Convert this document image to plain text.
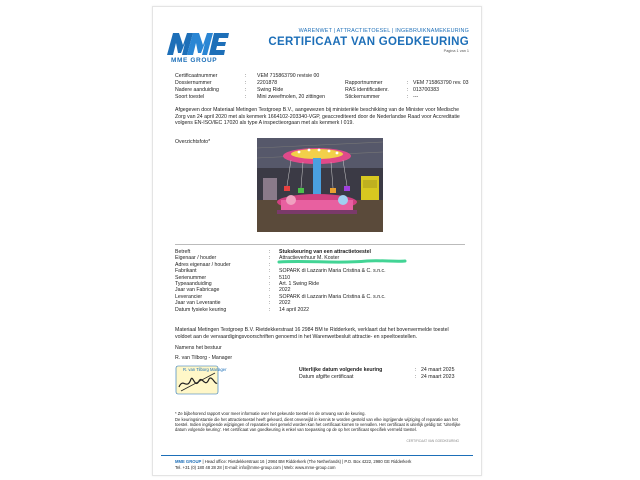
MME GROUP
WARENWET | ATTRACTIETOESEL | INGEBRUIKNAMEKEURING
CERTIFICAAT VAN GOEDKEURING
Pagina 1 van 1
Certificaatnummer	: VEM 715863790 revisie 00
Dossiernummer	: 2201878	Rapportnummer	: VEM 715863790 rev. 03
Nadere aanduiding	: Swing Ride	RAS identificatienr.	: 013700383
Soort toestel	: Mini zweefmolen, 20 zittingen	Stickernummer	: ---
Afgegeven door Materiaal Metingen Testgroep B.V., aangewezen bij ministeriële beschikking van de Minister voor Medische Zorg van 24 april 2020 met als kenmerk 1664102-203340-VGP, geaccrediteerd door de Nederlandse Raad voor Accreditatie volgens EN-ISO/IEC 17020 als type A inspectieorgaan met als kenmerk I 019.
Overzichtsfoto*
Betreft	: Stukskeuring van een attractietoestel
Eigenaar / houder	: Attractieverhuur M. Koster
Adres eigenaar / houder	:
Fabrikant	: SOPARK di Lazzarin Maria Cristina & C. s.n.c.
Serienummer	: 5110
Typeaanduiding	: Art. 1 Swing Ride
Jaar van Fabricage	: 2022
Leverancier	: SOPARK di Lazzarin Maria Cristina & C. s.n.c.
Jaar van Leverantie	: 2022
Datum fysieke keuring	: 14 april 2022
Materiaal Metingen Testgroep B.V. Rietdekkerstraat 16 2984 BM te Ridderkerk, verklaart dat het bovenvermelde toestel voldoet aan de vervaardigingsvoorschriften genoemd in het Warenwetbesluit attractie- en speeltoestellen.
Namens het bestuur
R. van Tilborg - Manager
R. van Tilborg Manager	Uiterlijke datum volgende keuring	: 24 maart 2025
Datum afgifte certificaat	: 24 maart 2023
* Ze bijbehorend rapport voor meer informatie over het gekeurde toestel en de omvang van de keuring.
De keuringsinstantie die het attractietoestel heeft gekeurd, dient onverwijld in kennis te worden gesteld van elke ingrijpende wijziging of reparatie aan het toestel. Indien ingrijpende wijzigingen of reparaties niet gemeld worden kan het certificaat komen te vervallen. Het certificaat is uiterlijk geldig tot: 'Uiterlijke datum volgende keuring'. Het certificaat van goedkeuring is enkel van toepassing op de op het certificaat specifiek vermeld toestel.
CERTIFICAAT VAN GOEDKEURING
MME GROUP | Head office: Rietdekkerstraat 16 | 2984 BM Ridderkerk (The Netherlands) | P.O. Box 4222, 2980 GE Ridderkerk
Tel. +31 (0) 180 48 28 28 | E-mail: info@mme-group.com | Web: www.mme-group.com
